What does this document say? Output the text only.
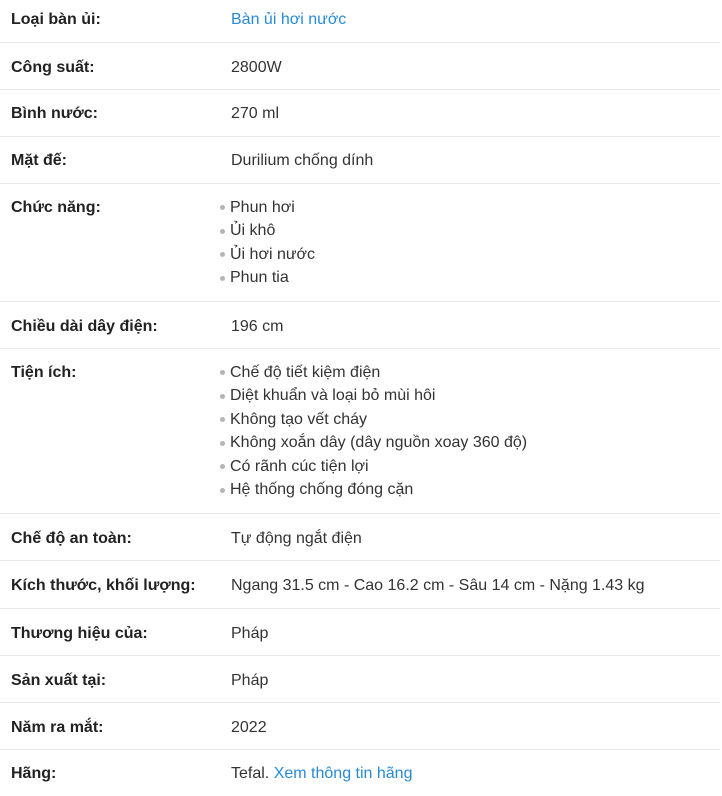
Loại bàn ủi:	Bàn ủi hơi nước
Công suất:	2800W
Bình nước:	270 ml
Mặt đế:	Durilium chống dính
Chức năng:	Phun hơi
Ủi khô
Ủi hơi nước
Phun tia
Chiều dài dây điện:	196 cm
Tiện ích:	Chế độ tiết kiệm điện
Diệt khuẩn và loại bỏ mùi hôi
Không tạo vết cháy
Không xoắn dây (dây nguồn xoay 360 độ)
Có rãnh cúc tiện lợi
Hệ thống chống đóng cặn
Chế độ an toàn:	Tự động ngắt điện
Kích thước, khối lượng:	Ngang 31.5 cm - Cao 16.2 cm - Sâu 14 cm - Nặng 1.43 kg
Thương hiệu của:	Pháp
Sản xuất tại:	Pháp
Năm ra mắt:	2022
Hãng:	Tefal. Xem thông tin hãng
